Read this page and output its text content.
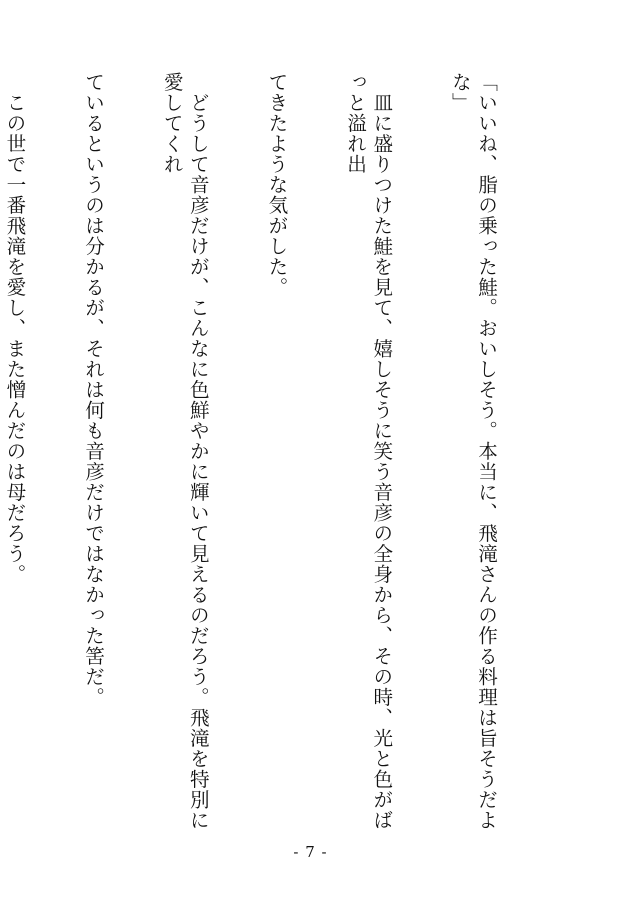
「いいね、脂の乗った鮭。おいしそう。本当に、飛滝さんの作る料理は旨そうだよな」

　皿に盛りつけた鮭を見て、嬉しそうに笑う音彦の全身から、その時、光と色がばっと溢れ出

てきたような気がした。

　どうして音彦だけが、こんなに色鮮やかに輝いて見えるのだろう。飛滝を特別に愛してくれ

ているというのは分かるが、それは何も音彦だけではなかった筈だ。

　この世で一番飛滝を愛し、また憎んだのは母だろう。

- 7 -
